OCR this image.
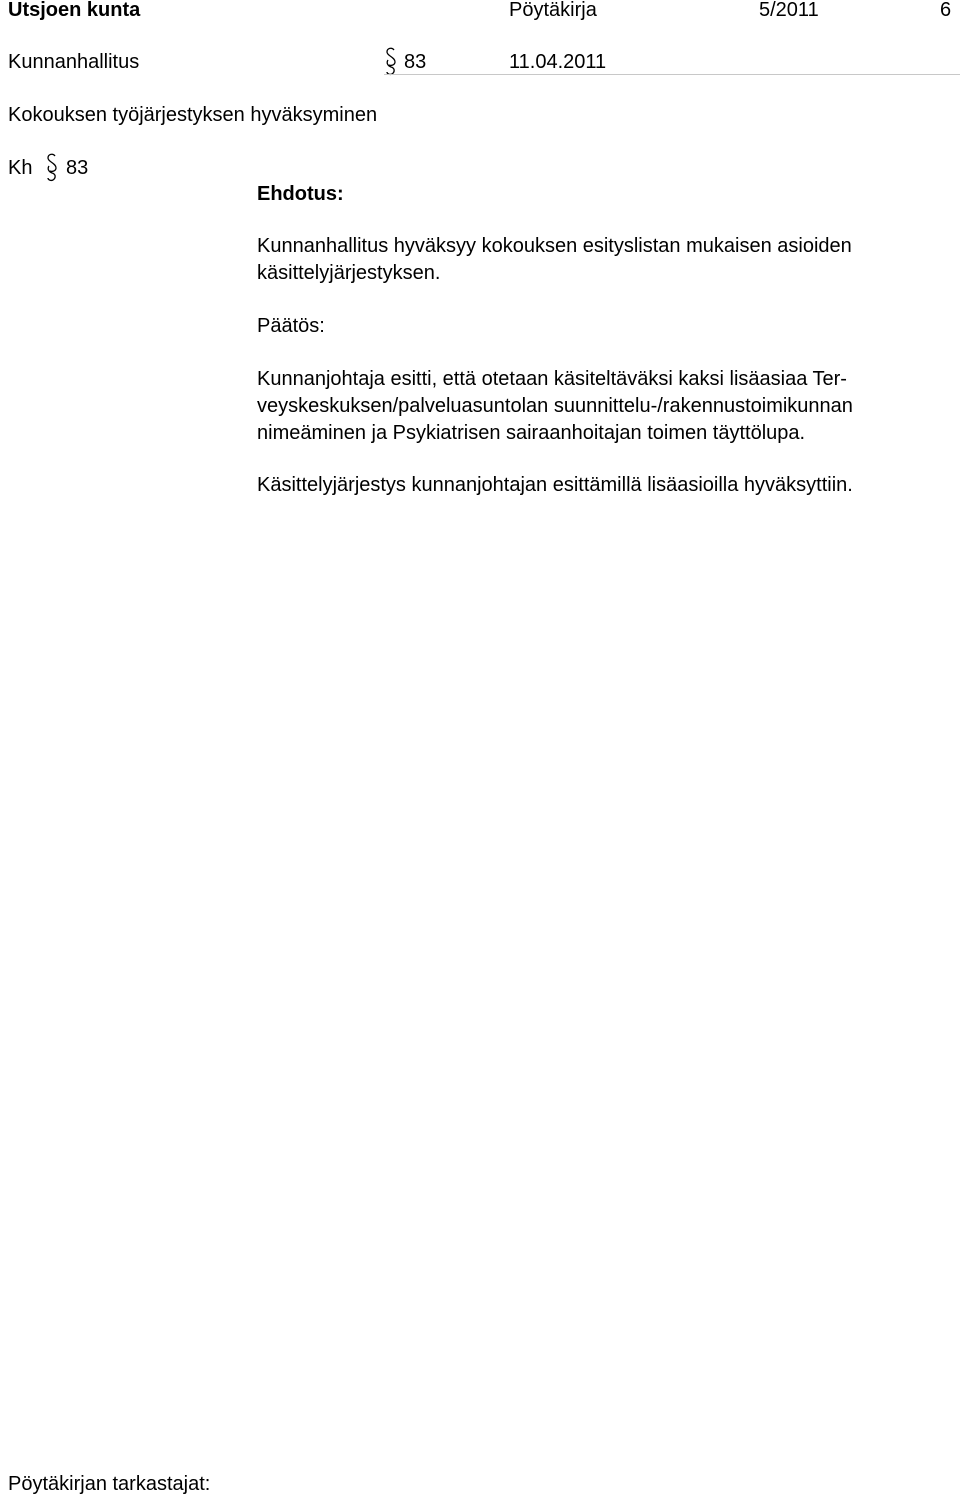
Utsjoen kunta	Pöytäkirja	5/2011	6
Kunnanhallitus	83	11.04.2011
Kokouksen työjärjestyksen hyväksyminen
Kh 83
Ehdotus:
Kunnanhallitus hyväksyy kokouksen esityslistan mukaisen asioiden
käsittelyjärjestyksen.
Päätös:
Kunnanjohtaja esitti, että otetaan käsiteltäväksi kaksi lisäasiaa Ter-
veyskeskuksen/palveluasuntolan suunnittelu-/rakennustoimikunnan
nimeäminen ja Psykiatrisen sairaanhoitajan toimen täyttölupa.
Käsittelyjärjestys kunnanjohtajan esittämillä lisäasioilla hyväksyttiin.
Pöytäkirjan tarkastajat:
